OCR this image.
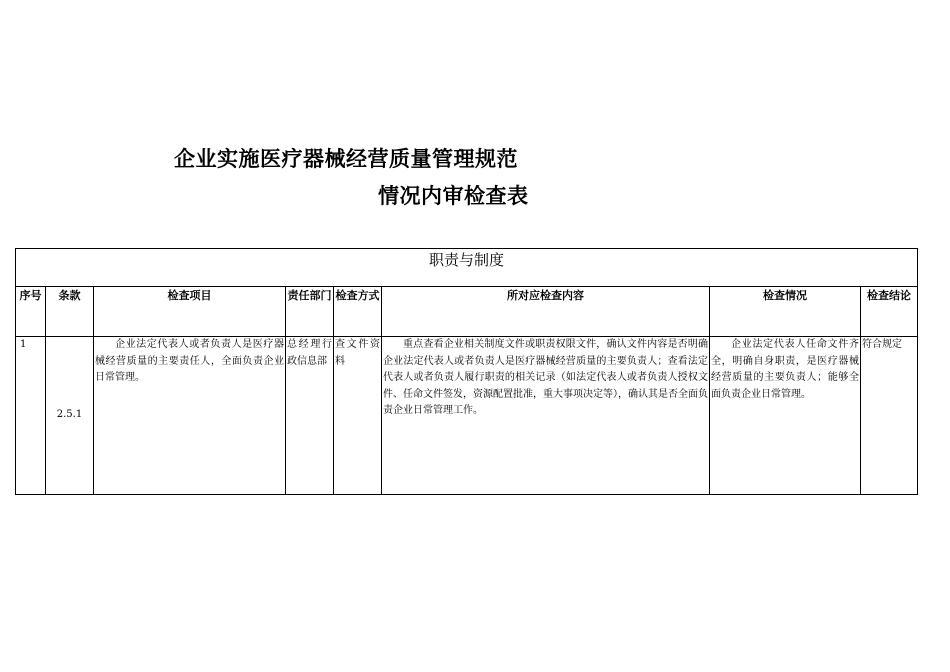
企业实施医疗器械经营质量管理规范
情况内审检查表
职责与制度							
序号	条款	检查项目	责任部门	检查方式	所对应检查内容	检查情况	检查结论
1	2.5.1	企业法定代表人或者负责人是医疗器械经营质量的主要责任人，全面负责企业日常管理。	总经理行政信息部	查文件资料	重点查看企业相关制度文件或职责权限文件，确认文件内容是否明确企业法定代表人或者负责人是医疗器械经营质量的主要负责人；查看法定代表人或者负责人履行职责的相关记录（如法定代表人或者负责人授权文件、任命文件签发，资源配置批准，重大事项决定等），确认其是否全面负责企业日常管理工作。	企业法定代表人任命文件齐全，明确自身职责，是医疗器械经营质量的主要负责人；能够全面负责企业日常管理。	符合规定
